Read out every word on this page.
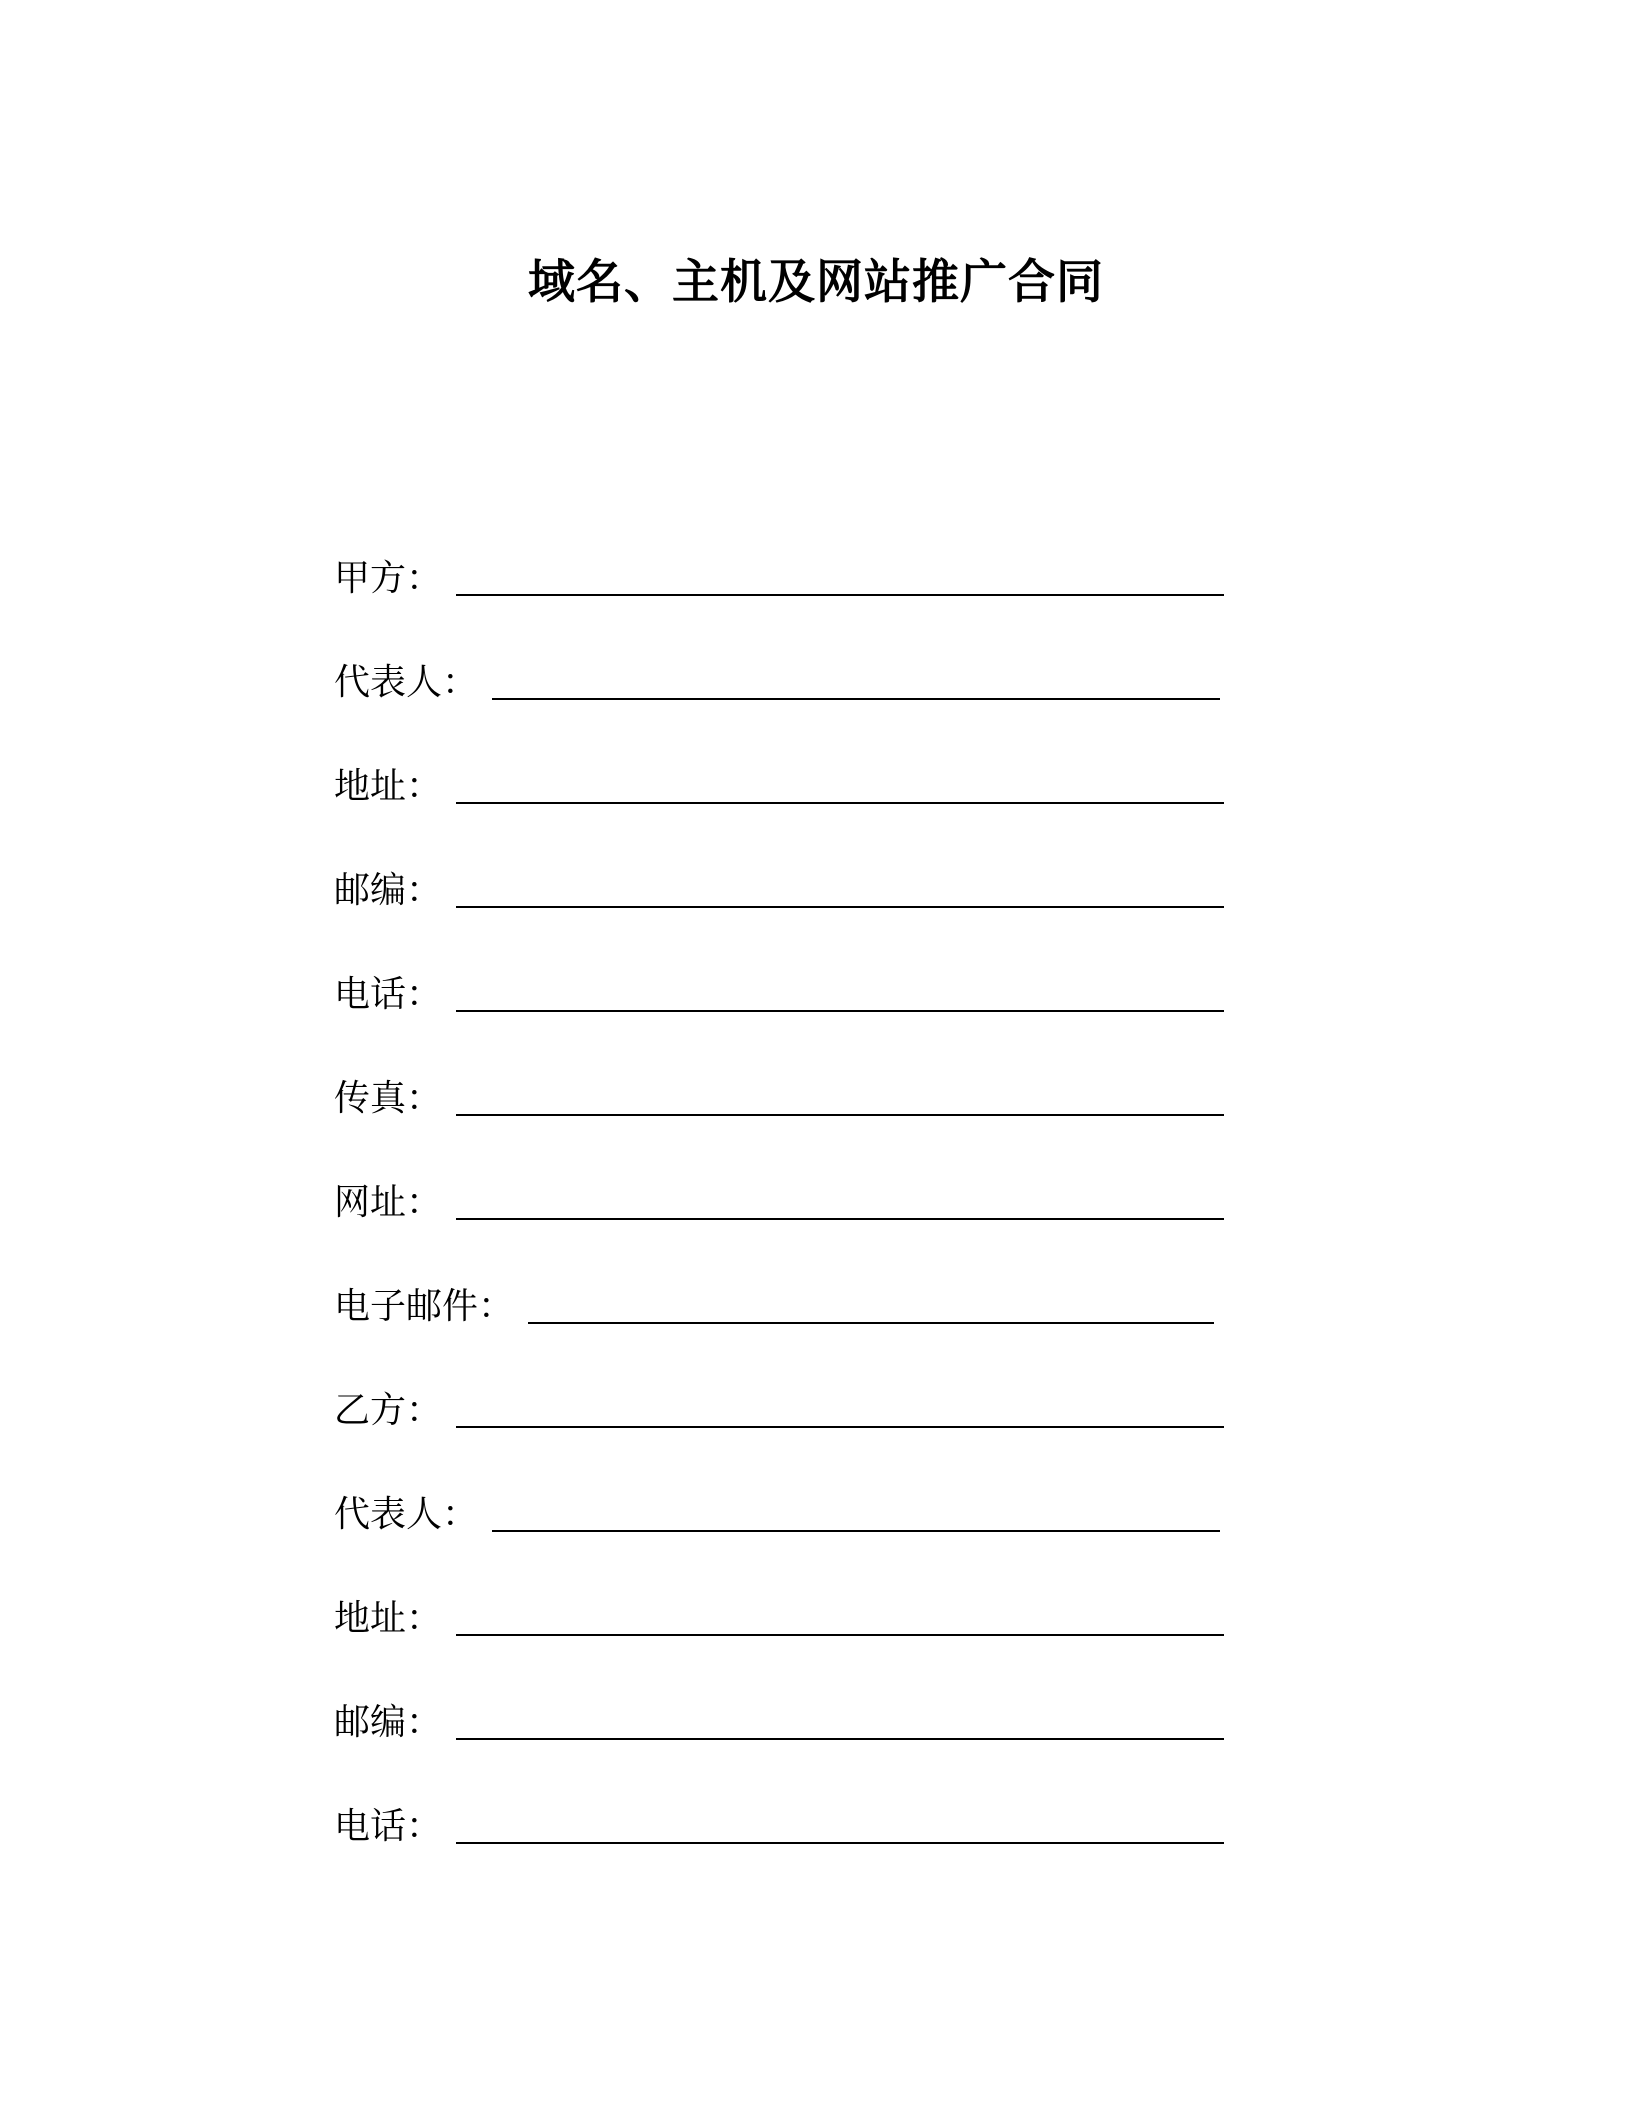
域名、主机及网站推广合同
甲方：
代表人：
地址：
邮编：
电话：
传真：
网址：
电子邮件：
乙方：
代表人：
地址：
邮编：
电话：
